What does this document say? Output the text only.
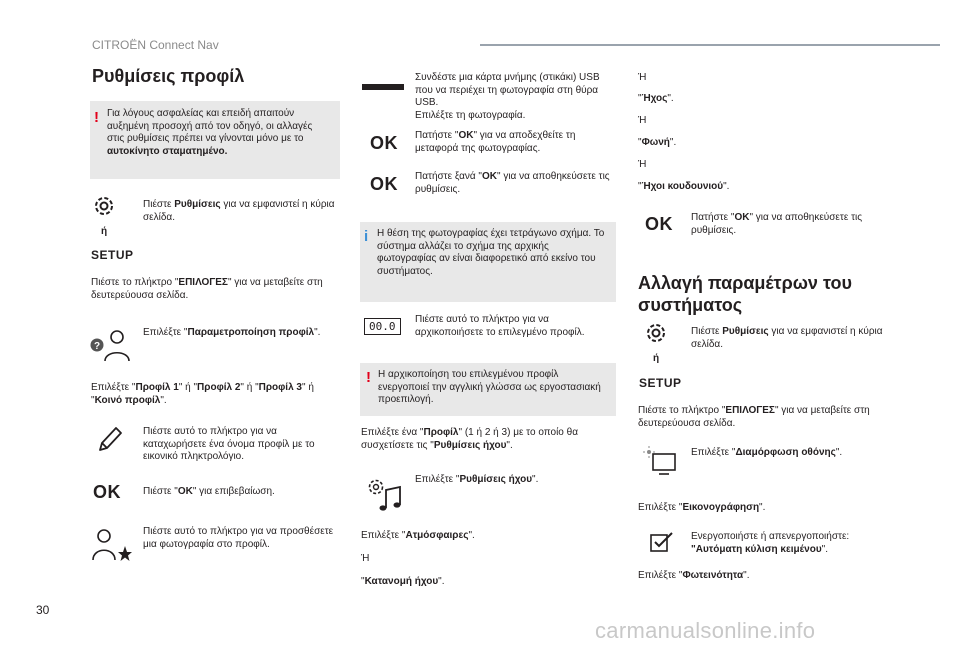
CITROËN Connect Nav
Ρυθμίσεις προφίλ
! Για λόγους ασφαλείας και επειδή απαιτούν αυξημένη προσοχή από τον οδηγό, οι αλλαγές στις ρυθμίσεις πρέπει να γίνονται μόνο με το αυτοκίνητο σταματημένο.
Πιέστε Ρυθμίσεις για να εμφανιστεί η κύρια σελίδα.
ή
SETUP
Πιέστε το πλήκτρο "ΕΠΙΛΟΓΕΣ" για να μεταβείτε στη δευτερεύουσα σελίδα.
?
Επιλέξτε "Παραμετροποίηση προφίλ".
Επιλέξτε "Προφίλ 1" ή "Προφίλ 2" ή "Προφίλ 3" ή "Κοινό προφίλ".
Πιέστε αυτό το πλήκτρο για να καταχωρήσετε ένα όνομα προφίλ με το εικονικό πληκτρολόγιο.
OK Πιέστε "OK" για επιβεβαίωση.
Πιέστε αυτό το πλήκτρο για να προσθέσετε μια φωτογραφία στο προφίλ.
Συνδέστε μια κάρτα μνήμης (στικάκι) USB που να περιέχει τη φωτογραφία στη θύρα USB.
Επιλέξτε τη φωτογραφία.
OK Πατήστε "OK" για να αποδεχθείτε τη μεταφορά της φωτογραφίας.
OK Πατήστε ξανά "OK" για να αποθηκεύσετε τις ρυθμίσεις.
i Η θέση της φωτογραφίας έχει τετράγωνο σχήμα. Το σύστημα αλλάζει το σχήμα της αρχικής φωτογραφίας αν είναι διαφορετικό από εκείνο του συστήματος.
00.0
Πιέστε αυτό το πλήκτρο για να αρχικοποιήσετε το επιλεγμένο προφίλ.
! Η αρχικοποίηση του επιλεγμένου προφίλ ενεργοποιεί την αγγλική γλώσσα ως εργοστασιακή προεπιλογή.
Επιλέξτε ένα "Προφίλ" (1 ή 2 ή 3) με το οποίο θα συσχετίσετε τις "Ρυθμίσεις ήχου".
Επιλέξτε "Ρυθμίσεις ήχου".
Επιλέξτε "Ατμόσφαιρες".
Ή
"Κατανομή ήχου".
Ή
"Ήχος".
Ή
"Φωνή".
Ή
"Ήχοι κουδουνιού".
OK Πατήστε "OK" για να αποθηκεύσετε τις ρυθμίσεις.
Αλλαγή παραμέτρων του συστήματος
Πιέστε Ρυθμίσεις για να εμφανιστεί η κύρια σελίδα.
ή
SETUP
Πιέστε το πλήκτρο "ΕΠΙΛΟΓΕΣ" για να μεταβείτε στη δευτερεύουσα σελίδα.
Επιλέξτε "Διαμόρφωση οθόνης".
Επιλέξτε "Εικονογράφηση".
Ενεργοποιήστε ή απενεργοποιήστε:
"Αυτόματη κύλιση κειμένου".
Επιλέξτε "Φωτεινότητα".
30
carmanualsonline.info
